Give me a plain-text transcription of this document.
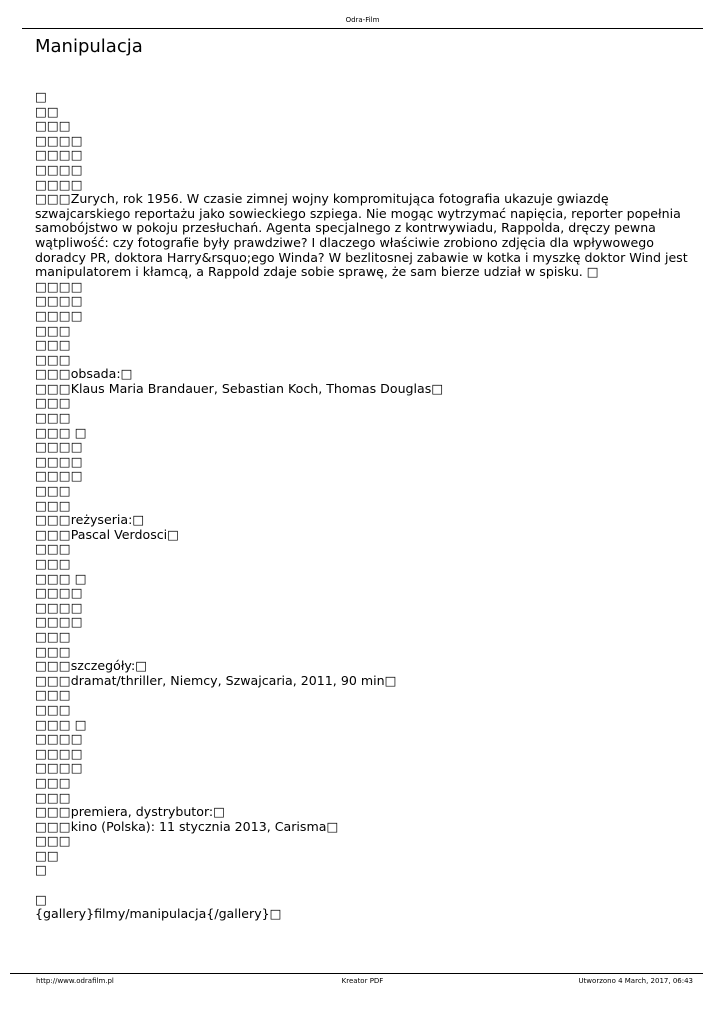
Odra-Film
Manipulacja
□
□□
□□□
□□□□
□□□□
□□□□
□□□□
□□□Zurych, rok 1956. W czasie zimnej wojny kompromitująca fotografia ukazuje gwiazdę szwajcarskiego reportażu jako sowieckiego szpiega. Nie mogąc wytrzymać napięcia, reporter popełnia samobójstwo w pokoju przesłuchań. Agenta specjalnego z kontrwywiadu, Rappolda, dręczy pewna wątpliwość: czy fotografie były prawdziwe? I dlaczego właściwie zrobiono zdjęcia dla wpływowego doradcy PR, doktora Harry&rsquo;ego Winda? W bezlitosnej zabawie w kotka i myszkę doktor Wind jest manipulatorem i kłamcą, a Rappold zdaje sobie sprawę, że sam bierze udział w spisku. □
□□□□
□□□□
□□□□
□□□
□□□
□□□
□□□obsada:□
□□□Klaus Maria Brandauer, Sebastian Koch, Thomas Douglas□
□□□
□□□
□□□ □
□□□□
□□□□
□□□□
□□□
□□□
□□□reżyseria:□
□□□Pascal Verdosci□
□□□
□□□
□□□ □
□□□□
□□□□
□□□□
□□□
□□□
□□□szczegóły:□
□□□dramat/thriller, Niemcy, Szwajcaria, 2011, 90 min□
□□□
□□□
□□□ □
□□□□
□□□□
□□□□
□□□
□□□
□□□premiera, dystrybutor:□
□□□kino (Polska): 11 stycznia 2013, Carisma□
□□□
□□
□
□
{gallery}filmy/manipulacja{/gallery}□
http://www.odrafilm.pl	Kreator PDF	Utworzono 4 March, 2017, 06:43
